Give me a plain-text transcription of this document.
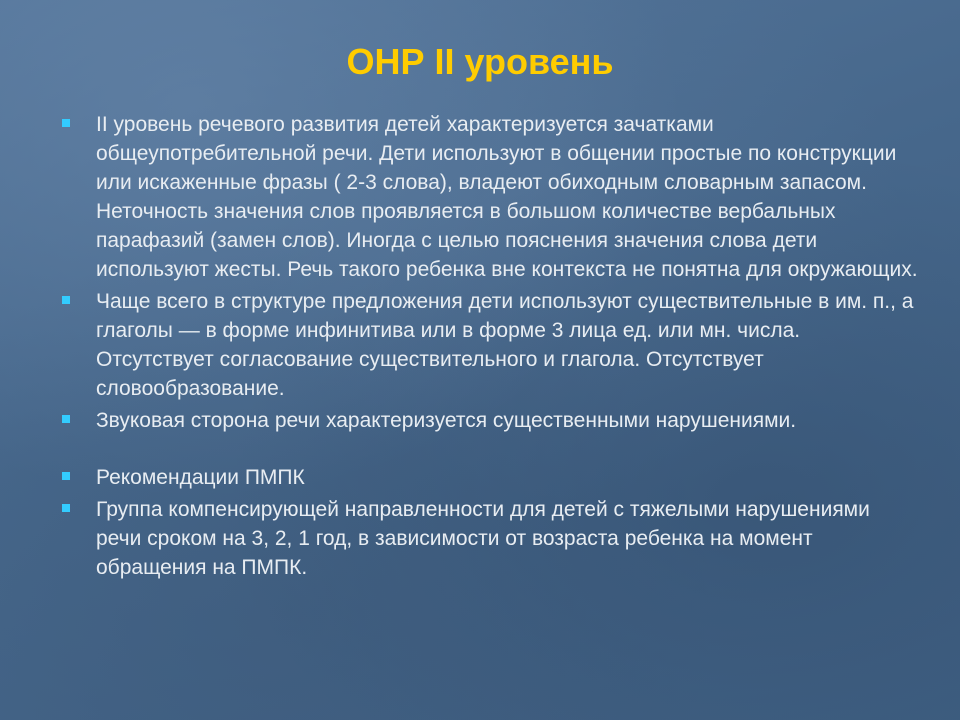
ОНР II уровень
II уровень речевого развития детей характеризуется зачатками общеупотребительной речи. Дети используют в общении простые по конструкции или искаженные фразы ( 2-3 слова), владеют обиходным словарным запасом. Неточность значения слов проявляется в большом количестве вербальных парафазий (замен слов). Иногда с целью пояснения значения слова дети используют жесты. Речь такого ребенка вне контекста не понятна для окружающих.
Чаще всего в структуре предложения дети используют существительные в им. п., а глаголы — в форме инфинитива или в форме 3 лица ед. или мн. числа. Отсутствует согласование существительного и глагола. Отсутствует словообразование.
Звуковая сторона речи характеризуется существенными нарушениями.
Рекомендации ПМПК
Группа компенсирующей направленности для детей с тяжелыми нарушениями речи сроком на 3, 2, 1 год, в зависимости от возраста ребенка на момент обращения на ПМПК.
